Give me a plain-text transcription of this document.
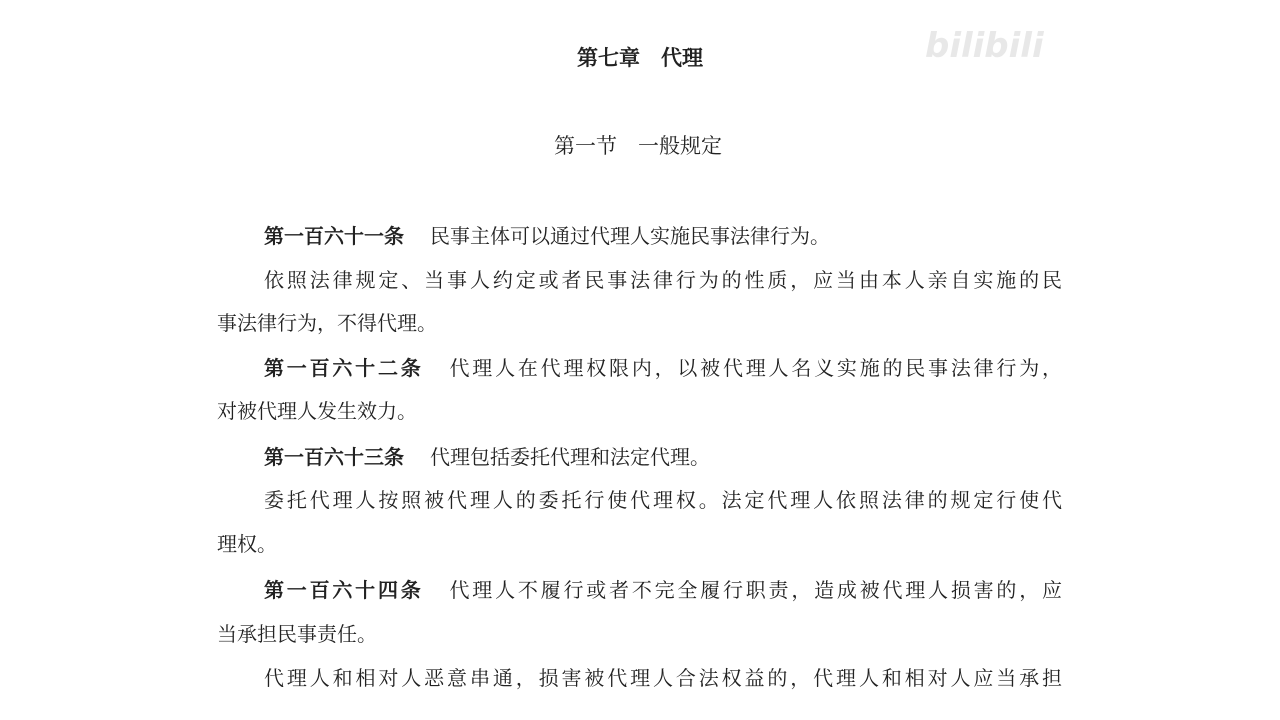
bilibili
第七章　代理
第一节　一般规定
第一百六十一条 民事主体可以通过代理人实施民事法律行为。
依照法律规定、当事人约定或者民事法律行为的性质，应当由本人亲自实施的民
事法律行为，不得代理。
第一百六十二条 代理人在代理权限内，以被代理人名义实施的民事法律行为，
对被代理人发生效力。
第一百六十三条 代理包括委托代理和法定代理。
委托代理人按照被代理人的委托行使代理权。法定代理人依照法律的规定行使代
理权。
第一百六十四条 代理人不履行或者不完全履行职责，造成被代理人损害的，应
当承担民事责任。
代理人和相对人恶意串通，损害被代理人合法权益的，代理人和相对人应当承担
